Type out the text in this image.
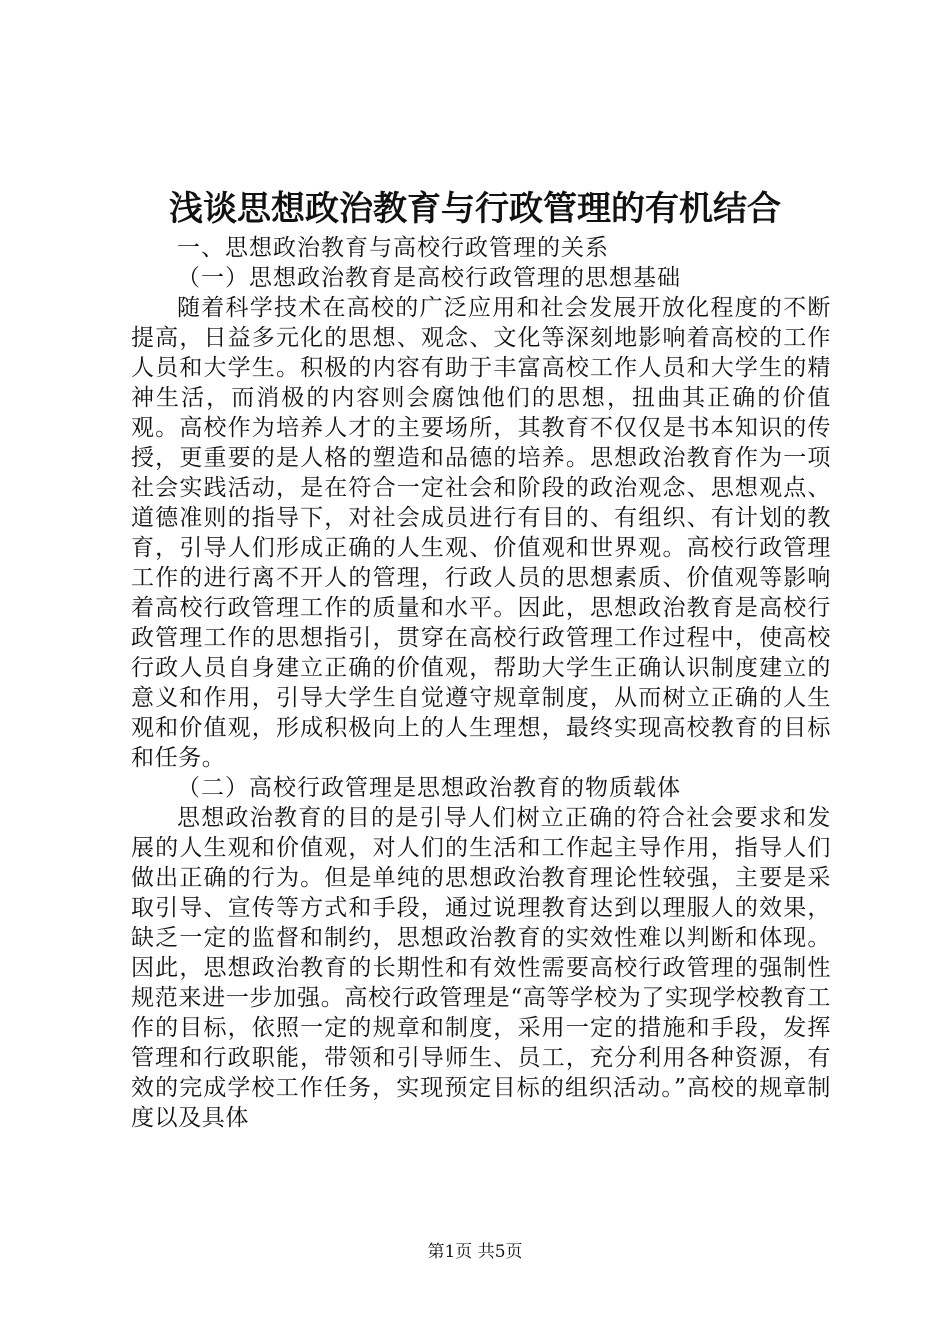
浅谈思想政治教育与行政管理的有机结合
一、思想政治教育与高校行政管理的关系
（一）思想政治教育是高校行政管理的思想基础
随着科学技术在高校的广泛应用和社会发展开放化程度的不断提高，日益多元化的思想、观念、文化等深刻地影响着高校的工作人员和大学生。积极的内容有助于丰富高校工作人员和大学生的精神生活，而消极的内容则会腐蚀他们的思想，扭曲其正确的价值观。高校作为培养人才的主要场所，其教育不仅仅是书本知识的传授，更重要的是人格的塑造和品德的培养。思想政治教育作为一项社会实践活动，是在符合一定社会和阶段的政治观念、思想观点、道德准则的指导下，对社会成员进行有目的、有组织、有计划的教育，引导人们形成正确的人生观、价值观和世界观。高校行政管理工作的进行离不开人的管理，行政人员的思想素质、价值观等影响着高校行政管理工作的质量和水平。因此，思想政治教育是高校行政管理工作的思想指引，贯穿在高校行政管理工作过程中，使高校行政人员自身建立正确的价值观，帮助大学生正确认识制度建立的意义和作用，引导大学生自觉遵守规章制度，从而树立正确的人生观和价值观，形成积极向上的人生理想，最终实现高校教育的目标和任务。
（二）高校行政管理是思想政治教育的物质载体
思想政治教育的目的是引导人们树立正确的符合社会要求和发展的人生观和价值观，对人们的生活和工作起主导作用，指导人们做出正确的行为。但是单纯的思想政治教育理论性较强，主要是采取引导、宣传等方式和手段，通过说理教育达到以理服人的效果，缺乏一定的监督和制约，思想政治教育的实效性难以判断和体现。因此，思想政治教育的长期性和有效性需要高校行政管理的强制性规范来进一步加强。高校行政管理是“高等学校为了实现学校教育工作的目标，依照一定的规章和制度，采用一定的措施和手段，发挥管理和行政职能，带领和引导师生、员工，充分利用各种资源，有效的完成学校工作任务，实现预定目标的组织活动。”高校的规章制度以及具体
第1页 共5页
